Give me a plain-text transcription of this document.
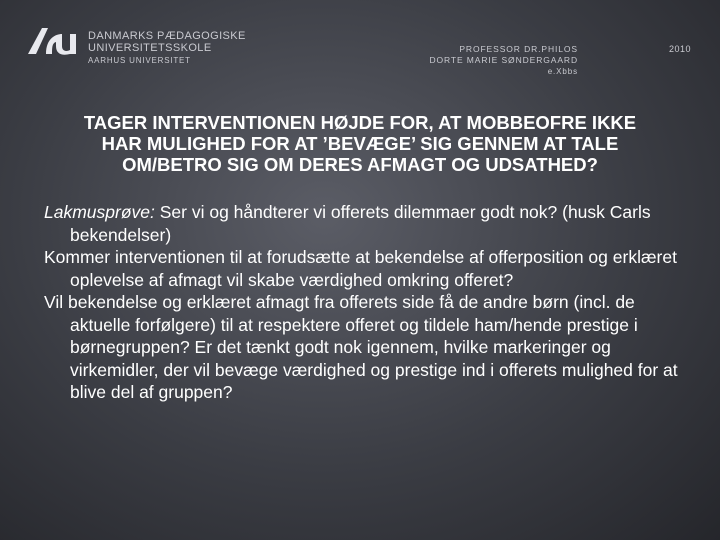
DANMARKS PÆDAGOGISKE
UNIVERSITETSSKOLE
AARHUS UNIVERSITET
PROFESSOR DR.PHILOS
DORTE MARIE SØNDERGAARD
e.Xbbs
2010
TAGER INTERVENTIONEN HØJDE FOR, AT MOBBEOFRE IKKE
HAR MULIGHED FOR AT ’BEVÆGE’ SIG GENNEM AT TALE
OM/BETRO SIG OM DERES AFMAGT OG UDSATHED?

Lakmusprøve: Ser vi og håndterer vi offerets dilemmaer godt nok? (husk Carls bekendelser)

Kommer interventionen til at forudsætte at bekendelse af offerposition og erklæret oplevelse af afmagt vil skabe værdighed omkring offeret?

Vil bekendelse og erklæret afmagt fra offerets side få de andre børn (incl. de aktuelle forfølgere) til at respektere offeret og tildele ham/hende prestige i børnegruppen? Er det tænkt godt nok igennem, hvilke markeringer og virkemidler, der vil bevæge værdighed og prestige ind i offerets mulighed for at blive del af gruppen?
